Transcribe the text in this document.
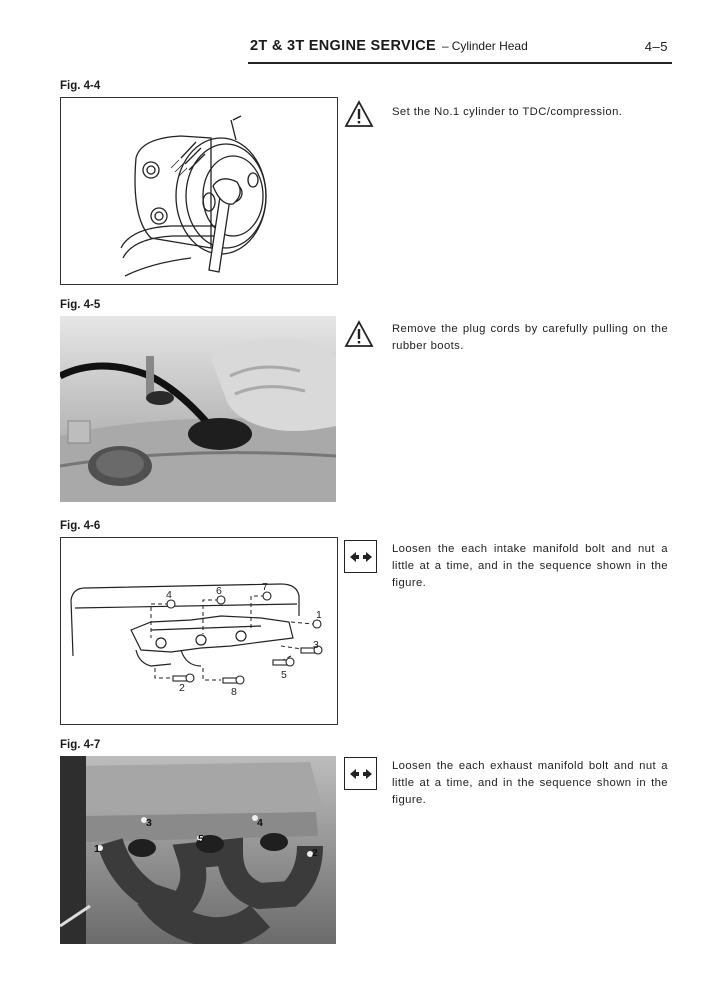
2T & 3T ENGINE SERVICE – Cylinder Head	4–5
Fig. 4-4
Set the No.1 cylinder to TDC/compression.
Fig. 4-5
Remove the plug cords by carefully pulling on the rubber boots.
Fig. 4-6
1
2
3
4
5
6	7
8
Loosen the each intake manifold bolt and nut a little at a time, and in the sequence shown in the figure.
Fig. 4-7
1	2
3	4
5
Loosen the each exhaust manifold bolt and nut a little at a time, and in the sequence shown in the figure.
